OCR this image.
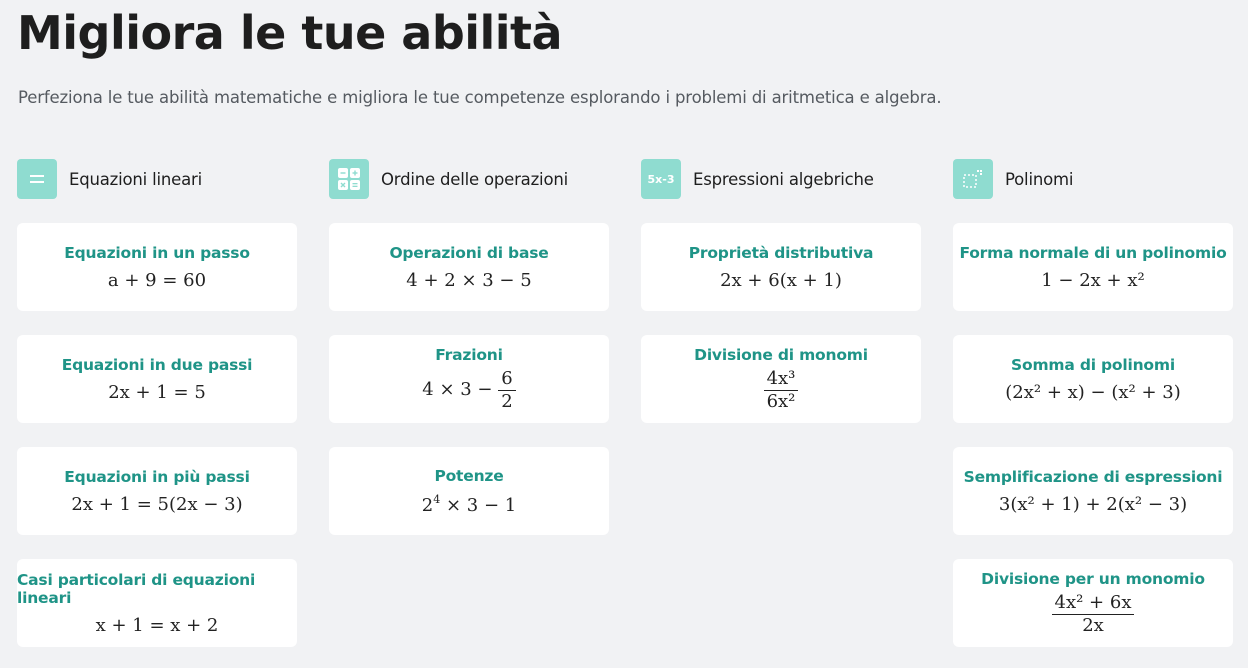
Migliora le tue abilità

Perfeziona le tue abilità matematiche e migliora le tue competenze esplorando i problemi di aritmetica e algebra.

Equazioni lineari
Equazioni in un passo
a + 9 = 60
Equazioni in due passi
2x + 1 = 5
Equazioni in più passi
2x + 1 = 5(2x − 3)
Casi particolari di equazioni lineari
x + 1 = x + 2
Ordine delle operazioni
Operazioni di base
4 + 2 × 3 − 5
Frazioni
$4 \times 3 - \frac{6}{2}$
Potenze
$2^4 \times 3 - 1$
5x-3	Espressioni algebriche
Proprietà distributiva
2x + 6(x + 1)
Divisione di monomi
$\frac{\text{4x³}}{\text{6x²}}$
Polinomi
Forma normale di un polinomio
1 − 2x + x²
Somma di polinomi
(2x² + x) − (x² + 3)
Semplificazione di espressioni
3(x² + 1) + 2(x² − 3)
Divisione per un monomio
$\frac{\text{4x² + 6x}}{2x}$
